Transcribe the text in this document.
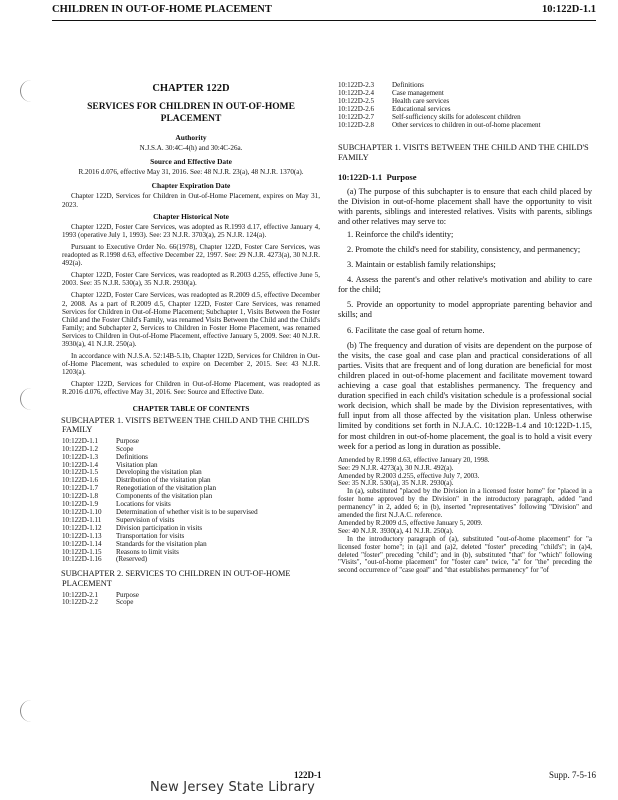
CHILDREN IN OUT-OF-HOME PLACEMENT	10:122D-1.1
CHAPTER 122D
SERVICES FOR CHILDREN IN OUT-OF-HOME PLACEMENT
Authority
N.J.S.A. 30:4C-4(h) and 30:4C-26a.
Source and Effective Date
R.2016 d.076, effective May 31, 2016. See: 48 N.J.R. 23(a), 48 N.J.R. 1370(a).
Chapter Expiration Date
Chapter 122D, Services for Children in Out-of-Home Placement, expires on May 31, 2023.
Chapter Historical Note
Chapter 122D, Foster Care Services, was adopted as R.1993 d.17, effective January 4, 1993 (operative July 1, 1993). See: 23 N.J.R. 3703(a), 25 N.J.R. 124(a).
Pursuant to Executive Order No. 66(1978), Chapter 122D, Foster Care Services, was readopted as R.1998 d.63, effective December 22, 1997. See: 29 N.J.R. 4273(a), 30 N.J.R. 492(a).
Chapter 122D, Foster Care Services, was readopted as R.2003 d.255, effective June 5, 2003. See: 35 N.J.R. 530(a), 35 N.J.R. 2930(a).
Chapter 122D, Foster Care Services, was readopted as R.2009 d.5, effective December 2, 2008. As a part of R.2009 d.5, Chapter 122D, Foster Care Services, was renamed Services for Children in Out-of-Home Placement; Subchapter 1, Visits Between the Foster Child and the Foster Child's Family, was renamed Visits Between the Child and the Child's Family; and Subchapter 2, Services to Children in Foster Home Placement, was renamed Services to Children in Out-of-Home Placement, effective January 5, 2009. See: 40 N.J.R. 3930(a), 41 N.J.R. 250(a).
In accordance with N.J.S.A. 52:14B-5.1b, Chapter 122D, Services for Children in Out-of-Home Placement, was scheduled to expire on December 2, 2015. See: 43 N.J.R. 1203(a).
Chapter 122D, Services for Children in Out-of-Home Placement, was readopted as R.2016 d.076, effective May 31, 2016. See: Source and Effective Date.
CHAPTER TABLE OF CONTENTS
SUBCHAPTER 1. VISITS BETWEEN THE CHILD AND THE CHILD'S FAMILY
10:122D-1.1	Purpose
10:122D-1.2	Scope
10:122D-1.3	Definitions
10:122D-1.4	Visitation plan
10:122D-1.5	Developing the visitation plan
10:122D-1.6	Distribution of the visitation plan
10:122D-1.7	Renegotiation of the visitation plan
10:122D-1.8	Components of the visitation plan
10:122D-1.9	Locations for visits
10:122D-1.10	Determination of whether visit is to be supervised
10:122D-1.11	Supervision of visits
10:122D-1.12	Division participation in visits
10:122D-1.13	Transportation for visits
10:122D-1.14	Standards for the visitation plan
10:122D-1.15	Reasons to limit visits
10:122D-1.16	(Reserved)
SUBCHAPTER 2. SERVICES TO CHILDREN IN OUT-OF-HOME PLACEMENT
10:122D-2.1	Purpose
10:122D-2.2	Scope
10:122D-2.3	Definitions
10:122D-2.4	Case management
10:122D-2.5	Health care services
10:122D-2.6	Educational services
10:122D-2.7	Self-sufficiency skills for adolescent children
10:122D-2.8	Other services to children in out-of-home placement
SUBCHAPTER 1. VISITS BETWEEN THE CHILD AND THE CHILD'S FAMILY
10:122D-1.1 Purpose
(a) The purpose of this subchapter is to ensure that each child placed by the Division in out-of-home placement shall have the opportunity to visit with parents, siblings and interested relatives. Visits with parents, siblings and other relatives may serve to:
1. Reinforce the child's identity;
2. Promote the child's need for stability, consistency, and permanency;
3. Maintain or establish family relationships;
4. Assess the parent's and other relative's motivation and ability to care for the child;
5. Provide an opportunity to model appropriate parenting behavior and skills; and
6. Facilitate the case goal of return home.
(b) The frequency and duration of visits are dependent on the purpose of the visits, the case goal and case plan and practical considerations of all parties. Visits that are frequent and of long duration are beneficial for most children placed in out-of-home placement and facilitate movement toward achieving a case goal that establishes permanency. The frequency and duration specified in each child's visitation schedule is a professional social work decision, which shall be made by the Division representatives, with full input from all those affected by the visitation plan. Unless otherwise limited by conditions set forth in N.J.A.C. 10:122B-1.4 and 10:122D-1.15, for most children in out-of-home placement, the goal is to hold a visit every week for a period as long in duration as possible.

Amended by R.1998 d.63, effective January 20, 1998.

See: 29 N.J.R. 4273(a), 30 N.J.R. 492(a).

Amended by R.2003 d.255, effective July 7, 2003.

See: 35 N.J.R. 530(a), 35 N.J.R. 2930(a).

In (a), substituted "placed by the Division in a licensed foster home" for "placed in a foster home approved by the Division" in the introductory paragraph, added "and permanency" in 2, added 6; in (b), inserted "representatives" following "Division" and amended the first N.J.A.C. reference.

Amended by R.2009 d.5, effective January 5, 2009.

See: 40 N.J.R. 3930(a), 41 N.J.R. 250(a).

In the introductory paragraph of (a), substituted "out-of-home placement" for "a licensed foster home"; in (a)1 and (a)2, deleted "foster" preceding "child's"; in (a)4, deleted "foster" preceding "child"; and in (b), substituted "that" for "which" following "Visits", "out-of-home placement" for "foster care" twice, "a" for "the" preceding the second occurrence of "case goal" and "that establishes permanency" for "of

122D-1	Supp. 7-5-16
New Jersey State Library
